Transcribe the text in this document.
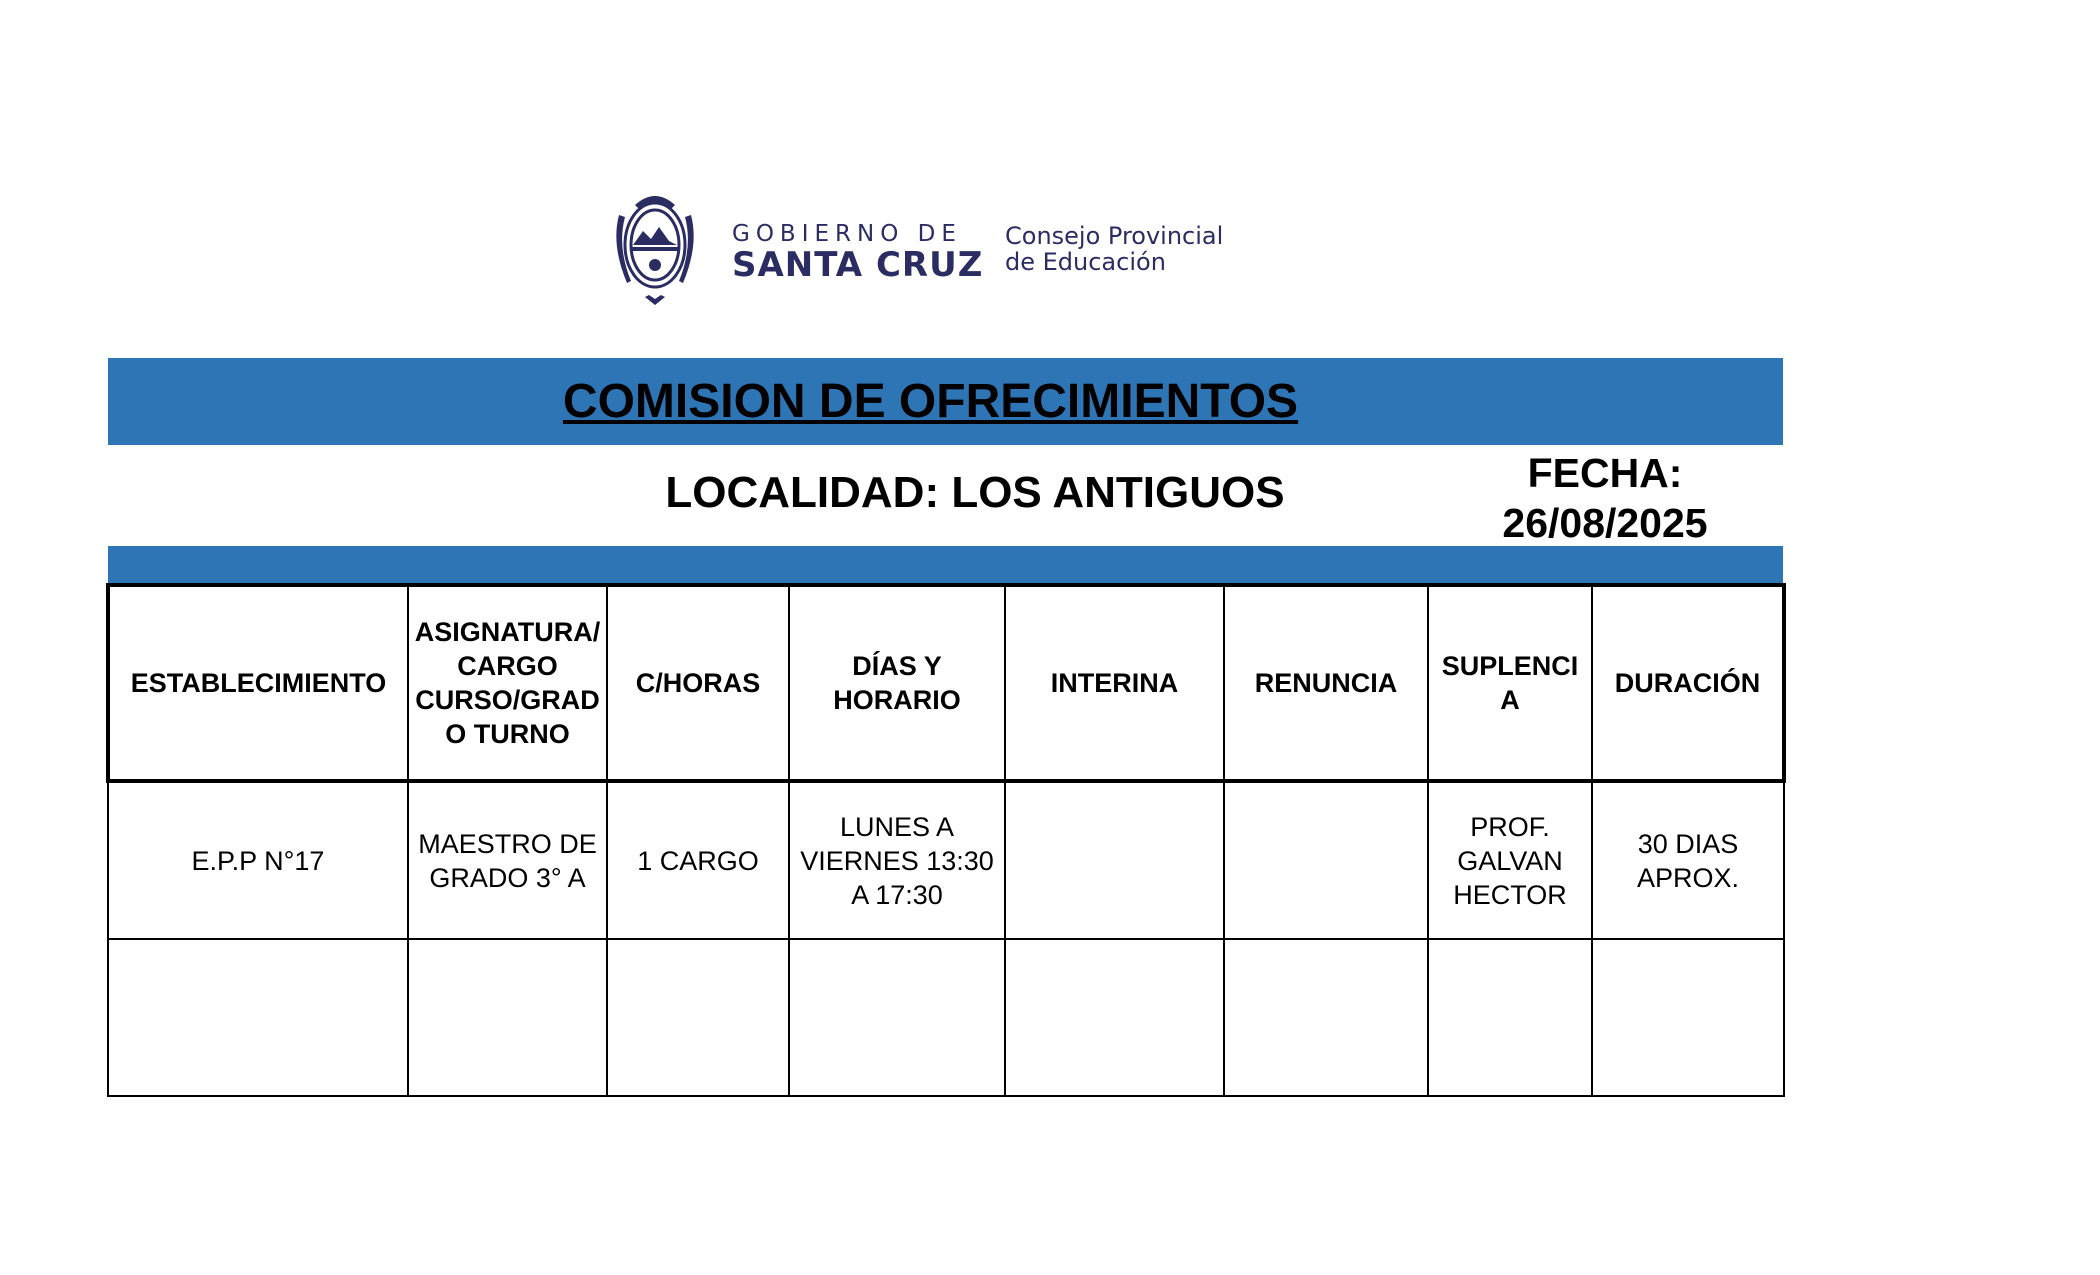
GOBIERNO DE
SANTA CRUZ
Consejo Provincial
de Educación
COMISION DE OFRECIMIENTOS
LOCALIDAD: LOS ANTIGUOS	FECHA:
26/08/2025
ESTABLECIMIENTO	ASIGNATURA/ CARGO CURSO/GRAD O TURNO	C/HORAS	DÍAS Y HORARIO	INTERINA	RENUNCIA	SUPLENCI A	DURACIÓN
E.P.P N°17	MAESTRO DE GRADO 3° A	1 CARGO	LUNES A VIERNES 13:30 A 17:30			PROF. GALVAN HECTOR	30 DIAS APROX.
